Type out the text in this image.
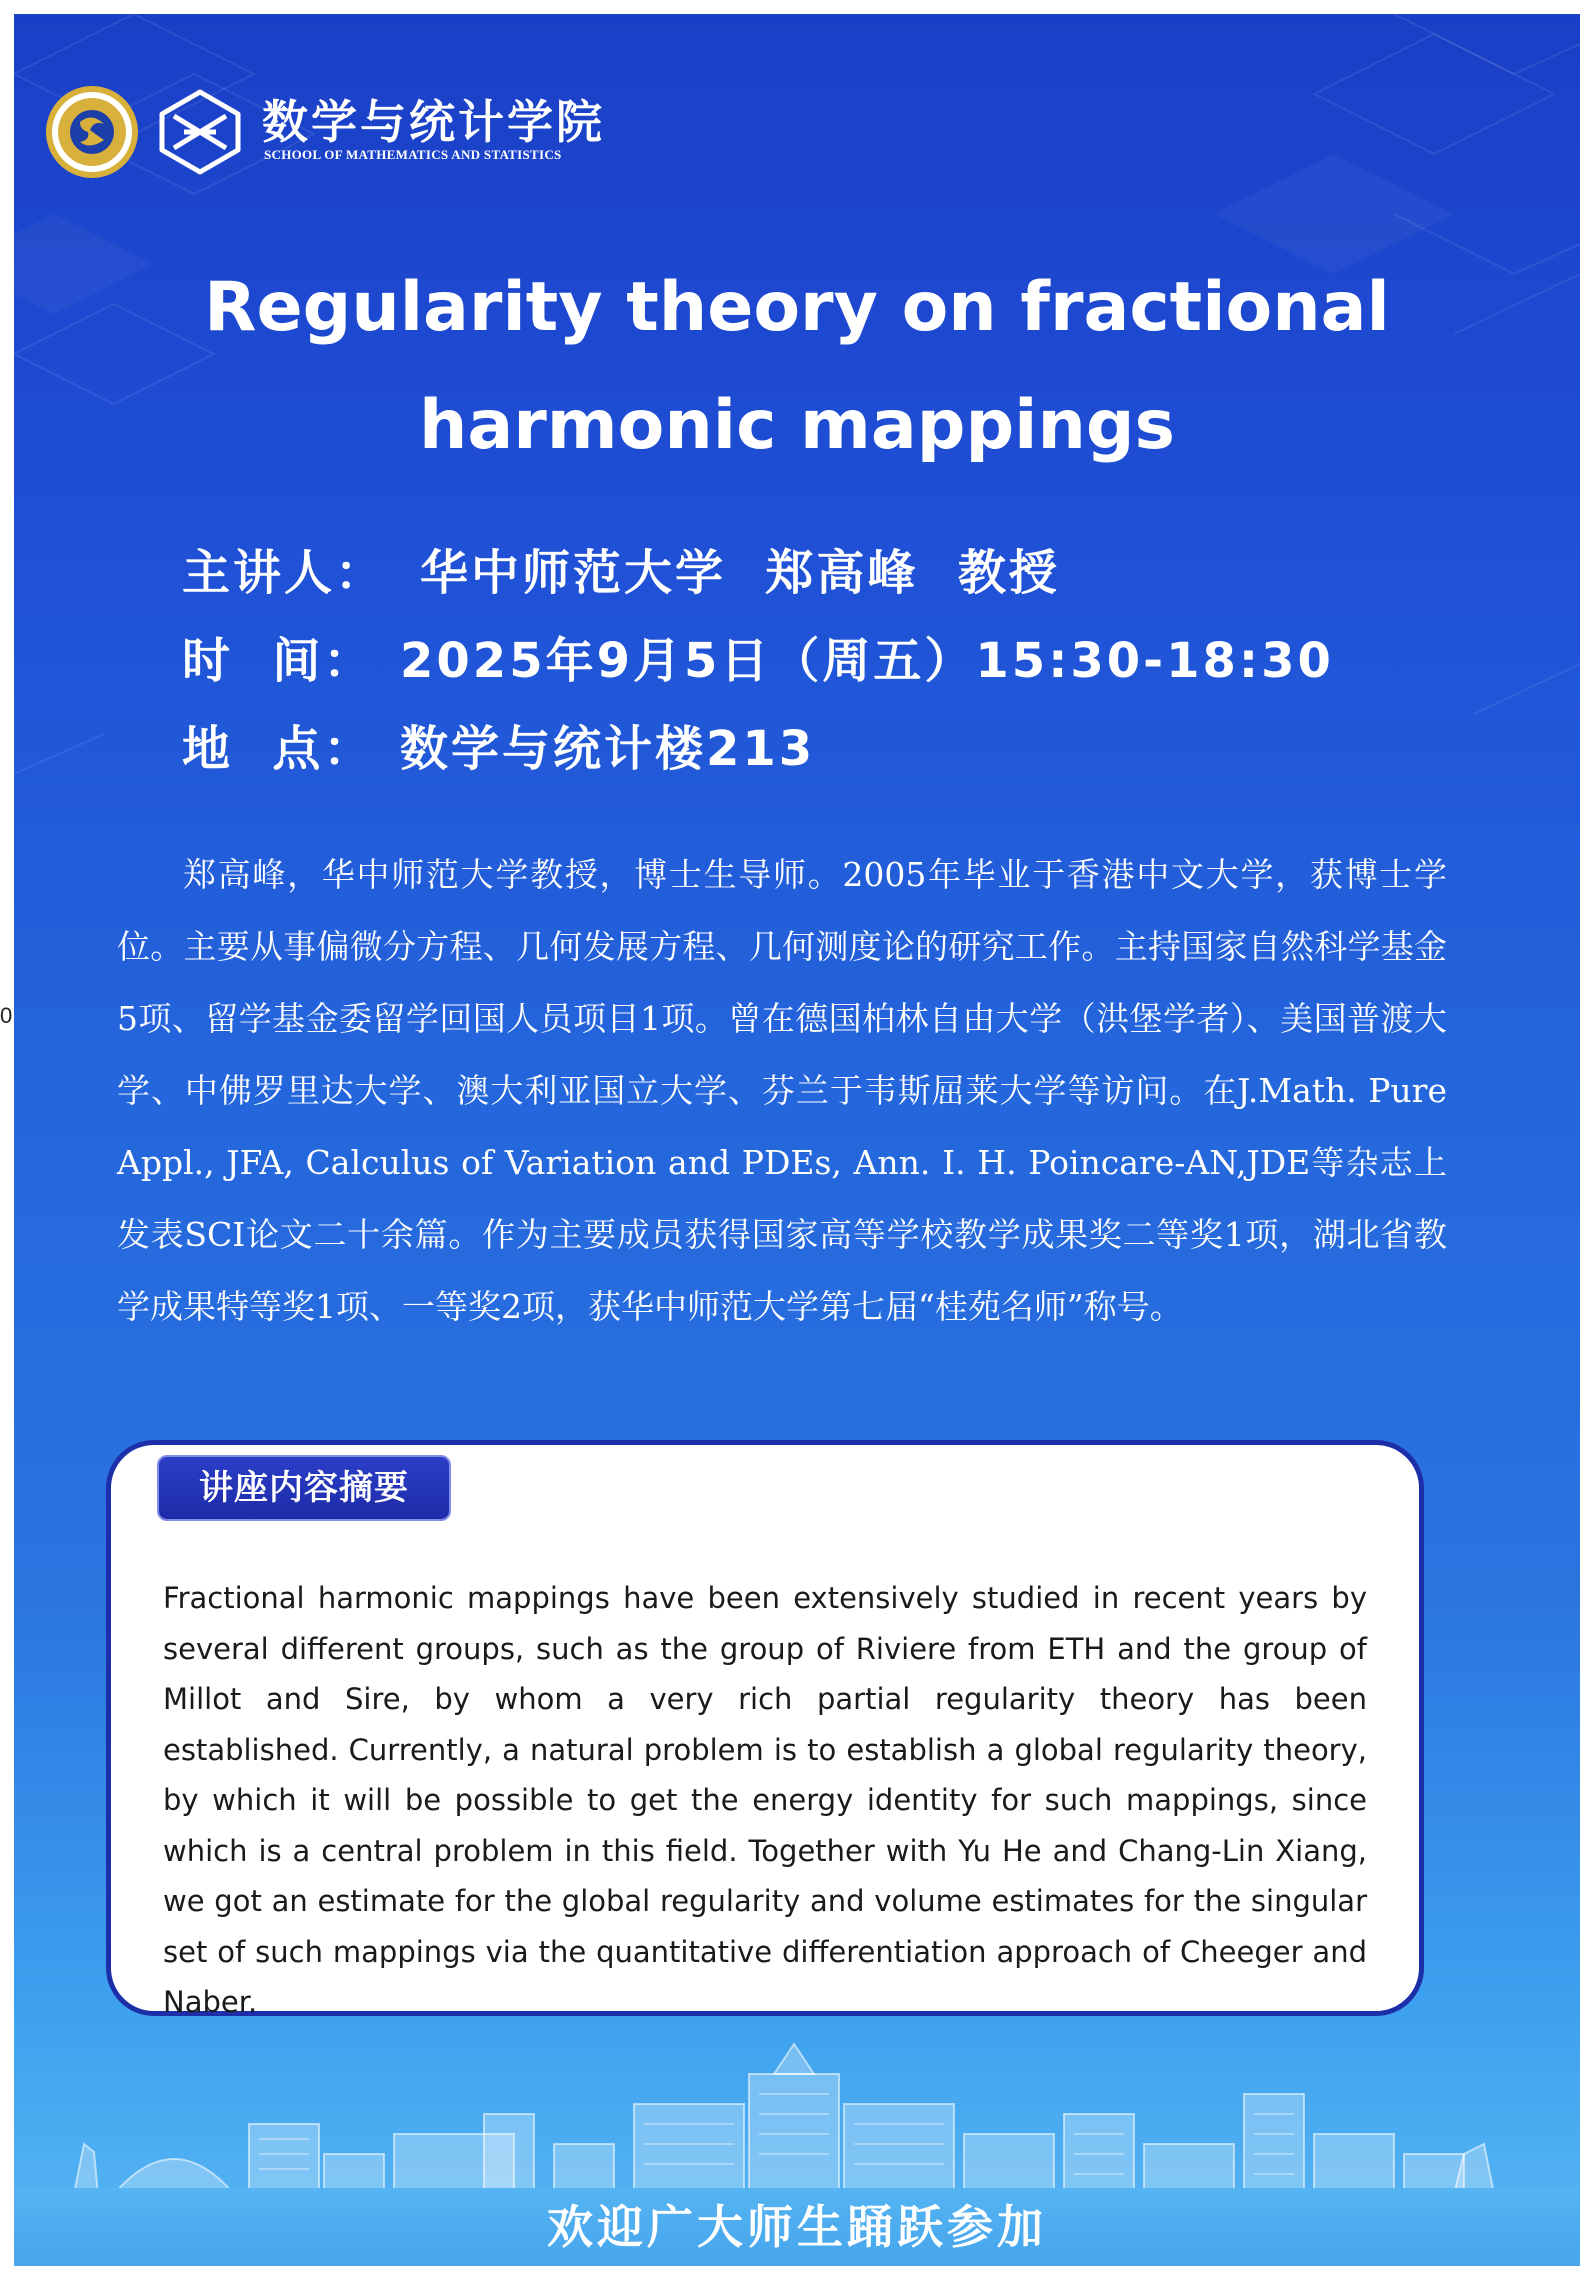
0
数学与统计学院
SCHOOL OF MATHEMATICS AND STATISTICS
Regularity theory on fractional
harmonic mappings
主讲人： 华中师范大学  郑高峰  教授
时  间： 2025年9月5日（周五）15:30-18:30
地  点： 数学与统计楼213
郑高峰，华中师范大学教授，博士生导师。2005年毕业于香港中文大学，获博士学位。主要从事偏微分方程、几何发展方程、几何测度论的研究工作。主持国家自然科学基金5项、留学基金委留学回国人员项目1项。曾在德国柏林自由大学（洪堡学者）、美国普渡大学、中佛罗里达大学、澳大利亚国立大学、芬兰于韦斯屈莱大学等访问。在J.Math. Pure Appl., JFA, Calculus of Variation and PDEs, Ann. I. H. Poincare-AN,JDE等杂志上发表SCI论文二十余篇。作为主要成员获得国家高等学校教学成果奖二等奖1项，湖北省教学成果特等奖1项、一等奖2项，获华中师范大学第七届“桂苑名师”称号。
讲座内容摘要
Fractional harmonic mappings have been extensively studied in recent years by several different groups, such as the group of Riviere from ETH and the group of Millot and Sire, by whom a very rich partial regularity theory has been established. Currently, a natural problem is to establish a global regularity theory, by which it will be possible to get the energy identity for such mappings, since which is a central problem in this field. Together with Yu He and Chang-Lin Xiang, we got an estimate for the global regularity and volume estimates for the singular set of such mappings via the quantitative differentiation approach of Cheeger and Naber.
欢迎广大师生踊跃参加
